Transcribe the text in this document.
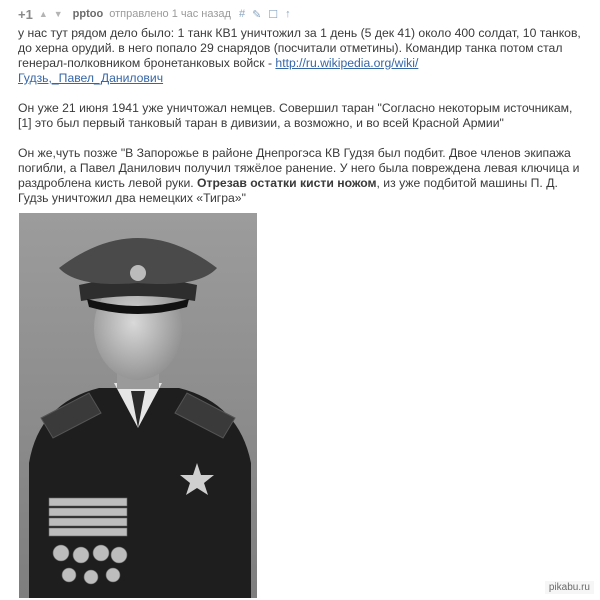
+1 ▲ ▼ pptoo отправлено 1 час назад # ✎ ☐ ↑

у нас тут рядом дело было: 1 танк КВ1 уничтожил за 1 день (5 дек 41) около 400 солдат, 10 танков, до херна орудий. в него попало 29 снарядов (посчитали отметины). Командир танка потом стал генерал-полковником бронетанковых войск - http://ru.wikipedia.org/wiki/
Гудзь,_Павел_Данилович

Он уже 21 июня 1941 уже уничтожал немцев. Совершил таран "Согласно некоторым источникам, [1] это был первый танковый таран в дивизии, а возможно, и во всей Красной Армии"

Он же,чуть позже "В Запорожье в районе Днепрогэса КВ Гудзя был подбит. Двое членов экипажа погибли, а Павел Данилович получил тяжёлое ранение. У него была повреждена левая ключица и раздроблена кисть левой руки. Отрезав остатки кисти ножом, из уже подбитой машины П. Д. Гудзь уничтожил два немецких «Тигра»"

pikabu.ru
